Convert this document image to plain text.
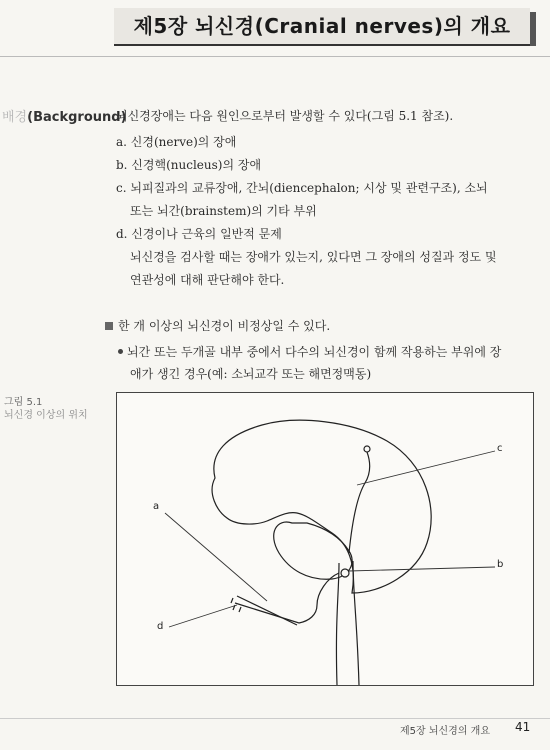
제5장 뇌신경(Cranial nerves)의 개요
배경(Background)
뇌신경장애는 다음 원인으로부터 발생할 수 있다(그림 5.1 참조).
a. 신경(nerve)의 장애
b. 신경핵(nucleus)의 장애
c. 뇌피질과의 교류장애, 간뇌(diencephalon; 시상 및 관련구조), 소뇌
또는 뇌간(brainstem)의 기타 부위
d. 신경이나 근육의 일반적 문제
뇌신경을 검사할 때는 장애가 있는지, 있다면 그 장애의 성질과 정도 및
연관성에 대해 판단해야 한다.
한 개 이상의 뇌신경이 비정상일 수 있다.
뇌간 또는 두개골 내부 중에서 다수의 뇌신경이 함께 작용하는 부위에 장
애가 생긴 경우(예: 소뇌교각 또는 해면정맥동)
그림 5.1
뇌신경 이상의 위치
a
b
c
d
제5장 뇌신경의 개요 41
